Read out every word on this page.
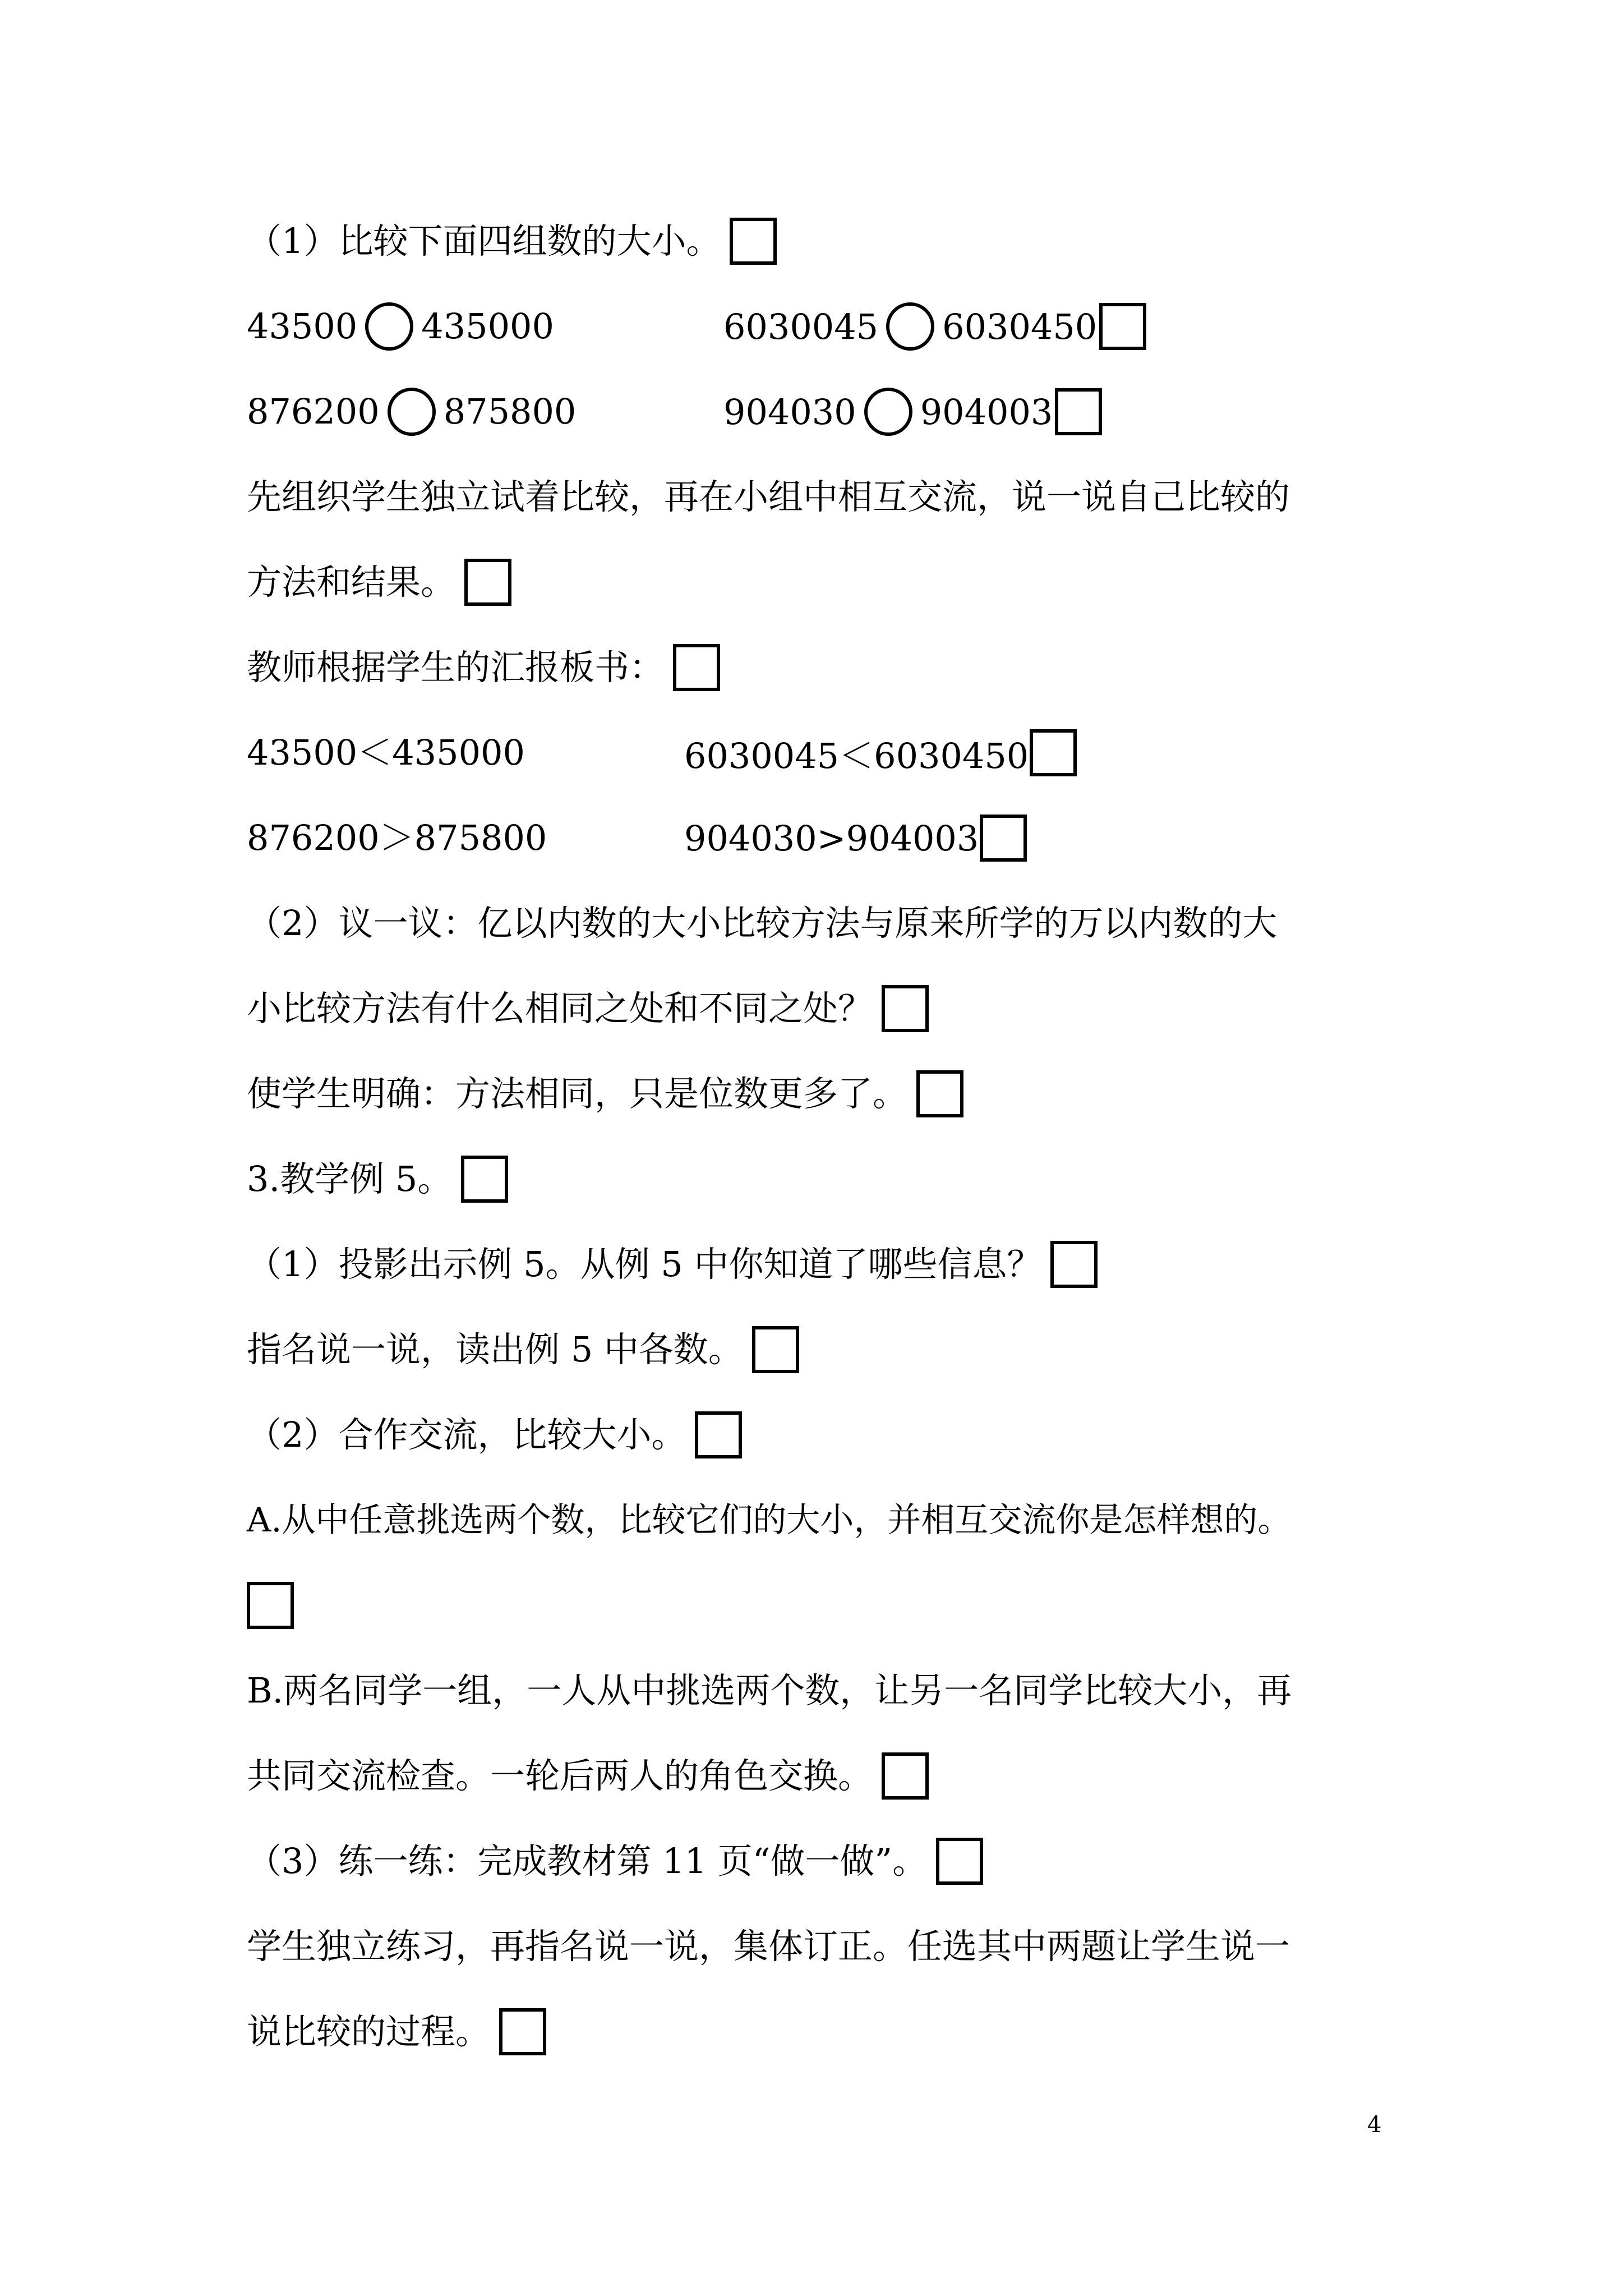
（1）比较下面四组数的大小。
43500 435000	6030045 6030450
876200 875800	904030 904003
先组织学生独立试着比较，再在小组中相互交流，说一说自己比较的
方法和结果。
教师根据学生的汇报板书：
43500＜435000	6030045＜6030450
876200＞875800	904030>904003
（2）议一议：亿以内数的大小比较方法与原来所学的万以内数的大
小比较方法有什么相同之处和不同之处？
使学生明确：方法相同，只是位数更多了。
3.教学例 5。
（1）投影出示例 5。从例 5 中你知道了哪些信息？
指名说一说，读出例 5 中各数。
（2）合作交流，比较大小。
A.从中任意挑选两个数，比较它们的大小，并相互交流你是怎样想的。
B.两名同学一组，一人从中挑选两个数，让另一名同学比较大小，再
共同交流检查。一轮后两人的角色交换。
（3）练一练：完成教材第 11 页“做一做”。
学生独立练习，再指名说一说，集体订正。任选其中两题让学生说一
说比较的过程。
4
